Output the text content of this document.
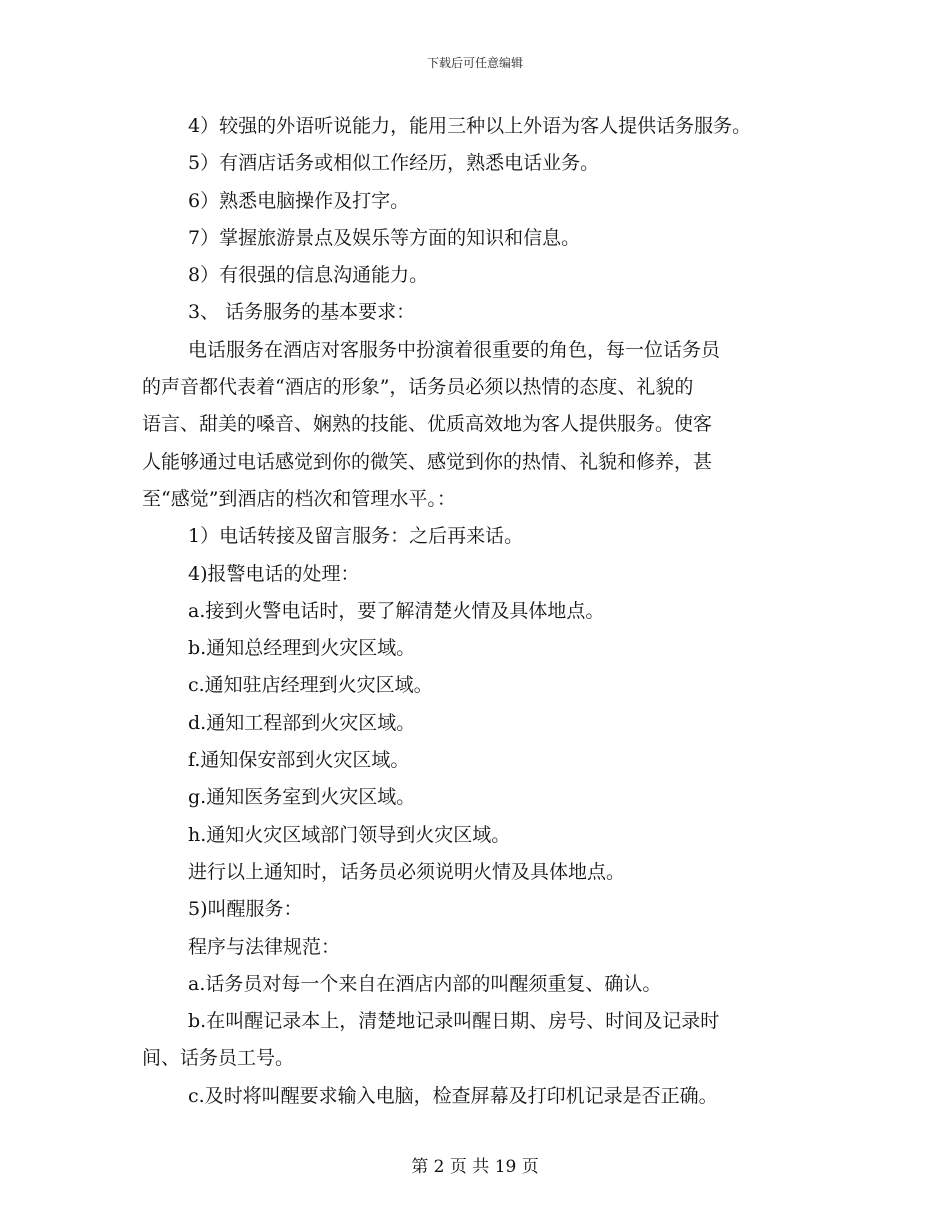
下载后可任意编辑
4）较强的外语听说能力，能用三种以上外语为客人提供话务服务。
5）有酒店话务或相似工作经历，熟悉电话业务。
6）熟悉电脑操作及打字。
7）掌握旅游景点及娱乐等方面的知识和信息。
8）有很强的信息沟通能力。
3、 话务服务的基本要求：
电话服务在酒店对客服务中扮演着很重要的角色，每一位话务员
的声音都代表着“酒店的形象”，话务员必须以热情的态度、礼貌的
语言、甜美的嗓音、娴熟的技能、优质高效地为客人提供服务。使客
人能够通过电话感觉到你的微笑、感觉到你的热情、礼貌和修养，甚
至“感觉”到酒店的档次和管理水平。：
1）电话转接及留言服务：之后再来话。
4)报警电话的处理：
a.接到火警电话时，要了解清楚火情及具体地点。
b.通知总经理到火灾区域。
c.通知驻店经理到火灾区域。
d.通知工程部到火灾区域。
f.通知保安部到火灾区域。
g.通知医务室到火灾区域。
h.通知火灾区域部门领导到火灾区域。
进行以上通知时，话务员必须说明火情及具体地点。
5)叫醒服务：
程序与法律规范：
a.话务员对每一个来自在酒店内部的叫醒须重复、确认。
b.在叫醒记录本上，清楚地记录叫醒日期、房号、时间及记录时
间、话务员工号。
c.及时将叫醒要求输入电脑，检查屏幕及打印机记录是否正确。
第 2 页 共 19 页
